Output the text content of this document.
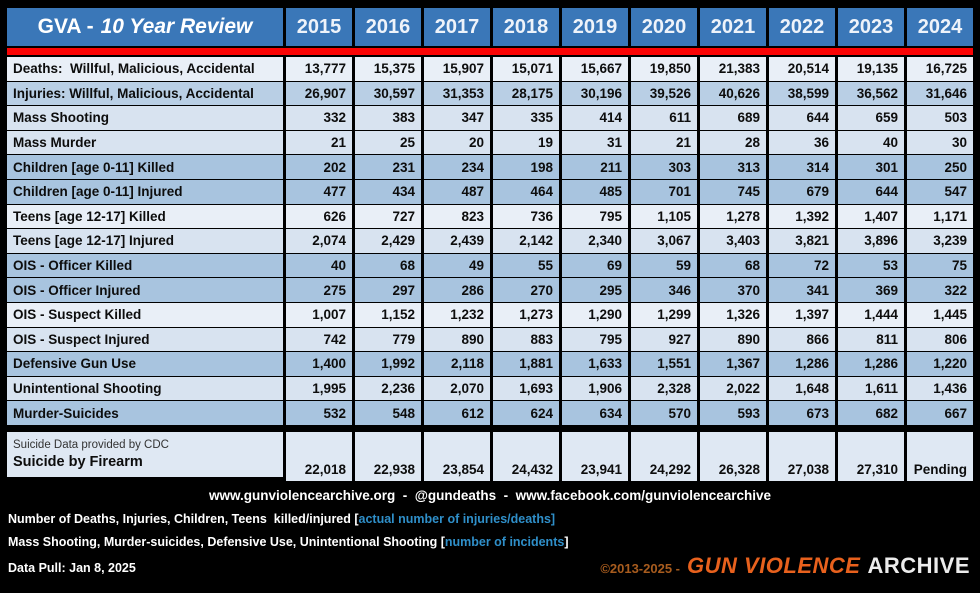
GVA - 10 Year Review	2015	2016	2017	2018	2019	2020	2021	2022	2023	2024
Deaths:  Willful, Malicious, Accidental	13,777	15,375	15,907	15,071	15,667	19,850	21,383	20,514	19,135	16,725
Injuries: Willful, Malicious, Accidental	26,907	30,597	31,353	28,175	30,196	39,526	40,626	38,599	36,562	31,646
Mass Shooting	332	383	347	335	414	611	689	644	659	503
Mass Murder	21	25	20	19	31	21	28	36	40	30
Children [age 0-11] Killed	202	231	234	198	211	303	313	314	301	250
Children [age 0-11] Injured	477	434	487	464	485	701	745	679	644	547
Teens [age 12-17] Killed	626	727	823	736	795	1,105	1,278	1,392	1,407	1,171
Teens [age 12-17] Injured	2,074	2,429	2,439	2,142	2,340	3,067	3,403	3,821	3,896	3,239
OIS - Officer Killed	40	68	49	55	69	59	68	72	53	75
OIS - Officer Injured	275	297	286	270	295	346	370	341	369	322
OIS - Suspect Killed	1,007	1,152	1,232	1,273	1,290	1,299	1,326	1,397	1,444	1,445
OIS - Suspect Injured	742	779	890	883	795	927	890	866	811	806
Defensive Gun Use	1,400	1,992	2,118	1,881	1,633	1,551	1,367	1,286	1,286	1,220
Unintentional Shooting	1,995	2,236	2,070	1,693	1,906	2,328	2,022	1,648	1,611	1,436
Murder-Suicides	532	548	612	624	634	570	593	673	682	667
Suicide Data provided by CDC
Suicide by Firearm	22,018	22,938	23,854	24,432	23,941	24,292	26,328	27,038	27,310	Pending
www.gunviolencearchive.org  -  @gundeaths  -  www.facebook.com/gunviolencearchive
Number of Deaths, Injuries, Children, Teens  killed/injured [actual number of injuries/deaths]
Mass Shooting, Murder-suicides, Defensive Use, Unintentional Shooting [number of incidents]
Data Pull: Jan 8, 2025	©2013-2025 - GUN VIOLENCE ARCHIVE
